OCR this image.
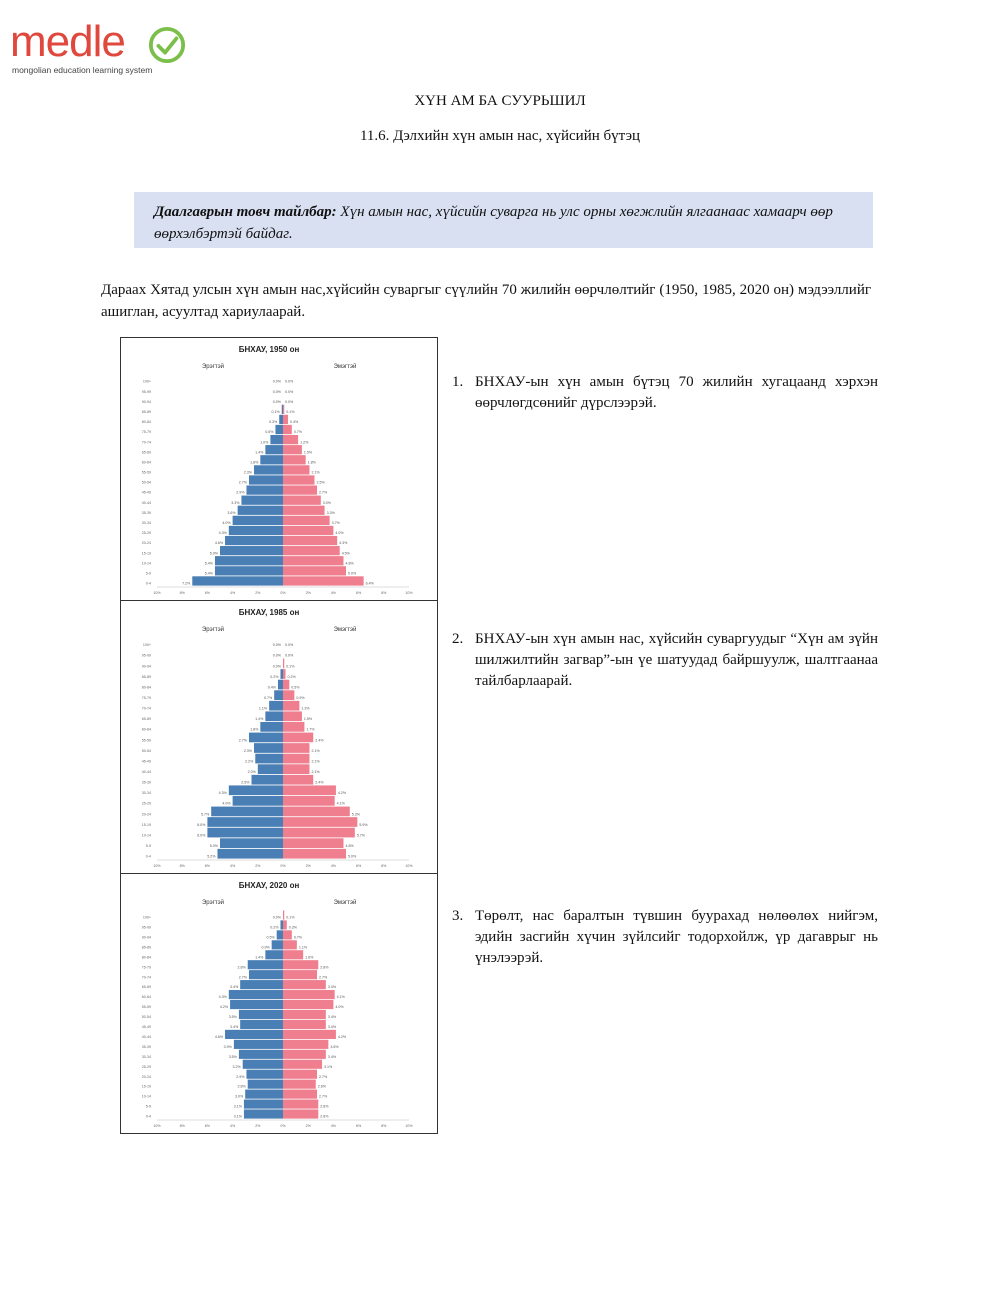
medle
mongolian education learning system
ХҮН АМ БА СУУРЬШИЛ
11.6. Дэлхийн хүн амын нас, хүйсийн бүтэц
Даалгаврын товч тайлбар: Хүн амын нас, хүйсийн суварга нь улс орны хөгжлийн ялгаанаас хамаарч өөр өөрхэлбэртэй байдаг.
Дараах Хятад улсын хүн амын нас,хүйсийн суваргыг сүүлийн 70 жилийн өөрчлөлтийг (1950, 1985, 2020 он) мэдээллийг ашиглан, асуултад хариулаарай.
БНХАУ, 1950 он
Эрэгтэй	Эмэгтэй
7.2%	6.4%
0-4
5.4%	5.0%
5-9
5.4%	4.8%
10-14
5.0%	4.5%
15-19
4.6%	4.3%
20-24
4.3%	4.0%
25-29
4.0%	3.7%
30-34
3.6%	3.3%
35-39
3.3%	3.0%
40-44
2.9%	2.7%
45-49
2.7%	2.5%
50-54
2.3%	2.1%
55-59
1.8%	1.8%
60-64
1.4%	1.5%
65-69
1.0%	1.2%
70-74
0.6%	0.7%
75-79
0.3%	0.4%
80-84
0.1% 0.1%
85-89
0.0% 0.0%
90-94
0.0% 0.0%
95-99
0.0% 0.0%
100+
10%	8%	6%	4%	2%	0%	2%	4%	6%	8%	10%
БНХАУ, 1985 он
Эрэгтэй	Эмэгтэй
5.2%	5.0%
0-4
5.0%	4.8%
5-9
6.0%	5.7%
10-14
6.0%	5.9%
15-19
5.7%	5.3%
20-24
4.0%	4.1%
25-29
4.3%	4.2%
30-34
2.5%	2.4%
35-39
2.0%	2.1%
40-44
2.2%	2.1%
45-49
2.3%	2.1%
50-54
2.7%	2.4%
55-59
1.8%	1.7%
60-64
1.4%	1.5%
65-69
1.1%	1.3%
70-74
0.7%	0.9%
75-79
0.4%	0.5%
80-84
0.2%	0.2%
85-89
0.0% 0.1%
90-94
0.0% 0.0%
95-99
0.0% 0.0%
100+
10%	8%	6%	4%	2%	0%	2%	4%	6%	8%	10%
БНХАУ, 2020 он
Эрэгтэй	Эмэгтэй
3.1%	2.8%
0-4
3.1%	2.8%
5-9
3.0%	2.7%
10-14
2.8%	2.6%
15-19
2.9%	2.7%
20-24
3.2%	3.1%
25-29
3.5%	3.4%
30-34
3.9%	3.6%
35-39
4.6%	4.2%
40-44
3.4%	3.4%
45-49
3.5%	3.4%
50-54
4.2%	4.0%
55-59
4.3%	4.1%
60-64
3.4%	3.4%
65-69
2.7%	2.7%
70-74
2.8%	2.8%
75-79
1.4%	1.6%
80-84
0.9%	1.1%
85-89
0.5%	0.7%
90-94
0.2%	0.3%
95-99
0.0% 0.1%
100+
10%	8%	6%	4%	2%	0%	2%	4%	6%	8%	10%
1. БНХАУ-ын хүн амын бүтэц 70 жилийн хугацаанд хэрхэн өөрчлөгдсөнийг дүрслээрэй.
2. БНХАУ-ын хүн амын нас, хүйсийн суваргуудыг “Хүн ам зүйн шилжилтийн загвар”-ын үе шатуудад байршуулж, шалтгаанаа тайлбарлаарай.
3. Төрөлт, нас баралтын түвшин буурахад нөлөөлөх нийгэм, эдийн засгийн хүчин зүйлсийг тодорхойлж, үр дагаврыг нь үнэлээрэй.
